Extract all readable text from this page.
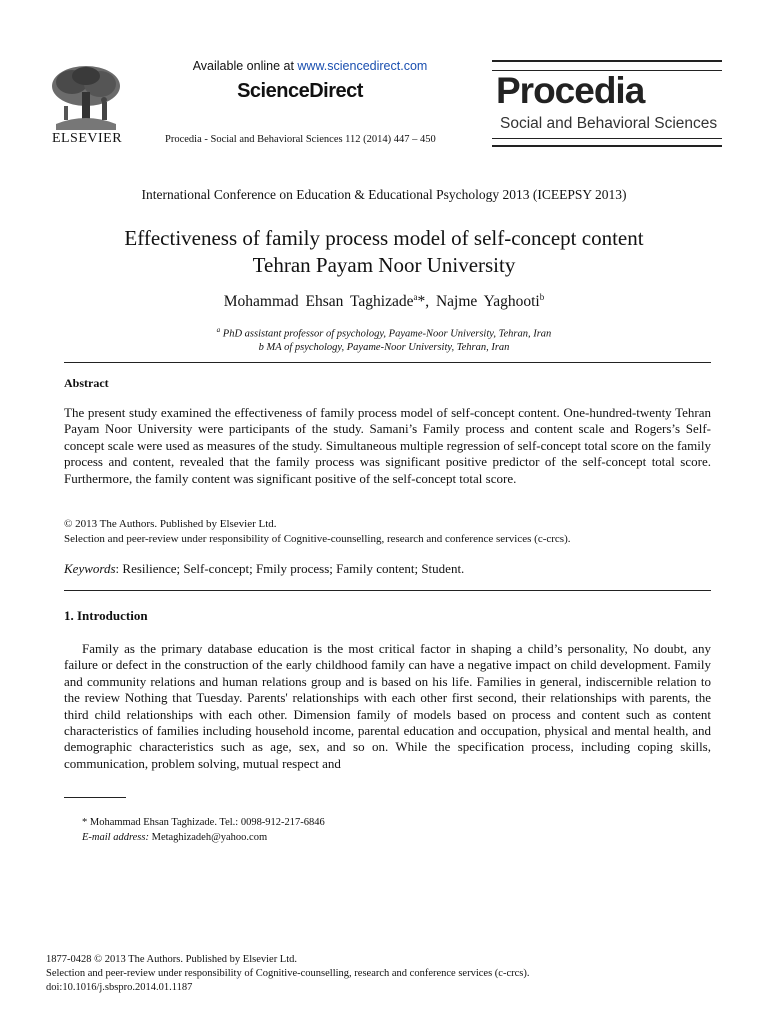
ELSEVIER
Available online at www.sciencedirect.com
ScienceDirect
Procedia - Social and Behavioral Sciences 112 (2014) 447 – 450
Procedia
Social and Behavioral Sciences
International Conference on Education & Educational Psychology 2013 (ICEEPSY 2013)
Effectiveness of family process model of self-concept content
Tehran Payam Noor University
Mohammad Ehsan Taghizade$^a$*, Najme Yaghooti$^b$
$^a$ PhD assistant professor of psychology, Payame-Noor University, Tehran, Iran
b MA of psychology, Payame-Noor University, Tehran, Iran
Abstract
The present study examined the effectiveness of family process model of self-concept content. One-hundred-twenty Tehran Payam Noor University were participants of the study. Samani’s Family process and content scale and Rogers’s Self-concept scale were used as measures of the study. Simultaneous multiple regression of self-concept total score on the family process and content, revealed that the family process was significant positive predictor of the self-concept total score. Furthermore, the family content was significant positive of the self-concept total score.
© 2013 The Authors. Published by Elsevier Ltd.
Selection and peer-review under responsibility of Cognitive-counselling, research and conference services (c-crcs).
Keywords: Resilience; Self-concept; Fmily process; Family content; Student.
1. Introduction
Family as the primary database education is the most critical factor in shaping a child’s personality, No doubt, any failure or defect in the construction of the early childhood family can have a negative impact on child development. Family and community relations and human relations group and is based on his life. Families in general, indiscernible relation to the review Nothing that Tuesday. Parents' relationships with each other first second, their relationships with parents, the third child relationships with each other. Dimension family of models based on process and content such as content characteristics of families including household income, parental education and occupation, physical and mental health, and demographic characteristics such as age, sex, and so on. While the specification process, including coping skills, communication, problem solving, mutual respect and
* Mohammad Ehsan Taghizade. Tel.: 0098-912-217-6846
E-mail address: Metaghizadeh@yahoo.com
1877-0428 © 2013 The Authors. Published by Elsevier Ltd.
Selection and peer-review under responsibility of Cognitive-counselling, research and conference services (c-crcs).
doi:10.1016/j.sbspro.2014.01.1187
